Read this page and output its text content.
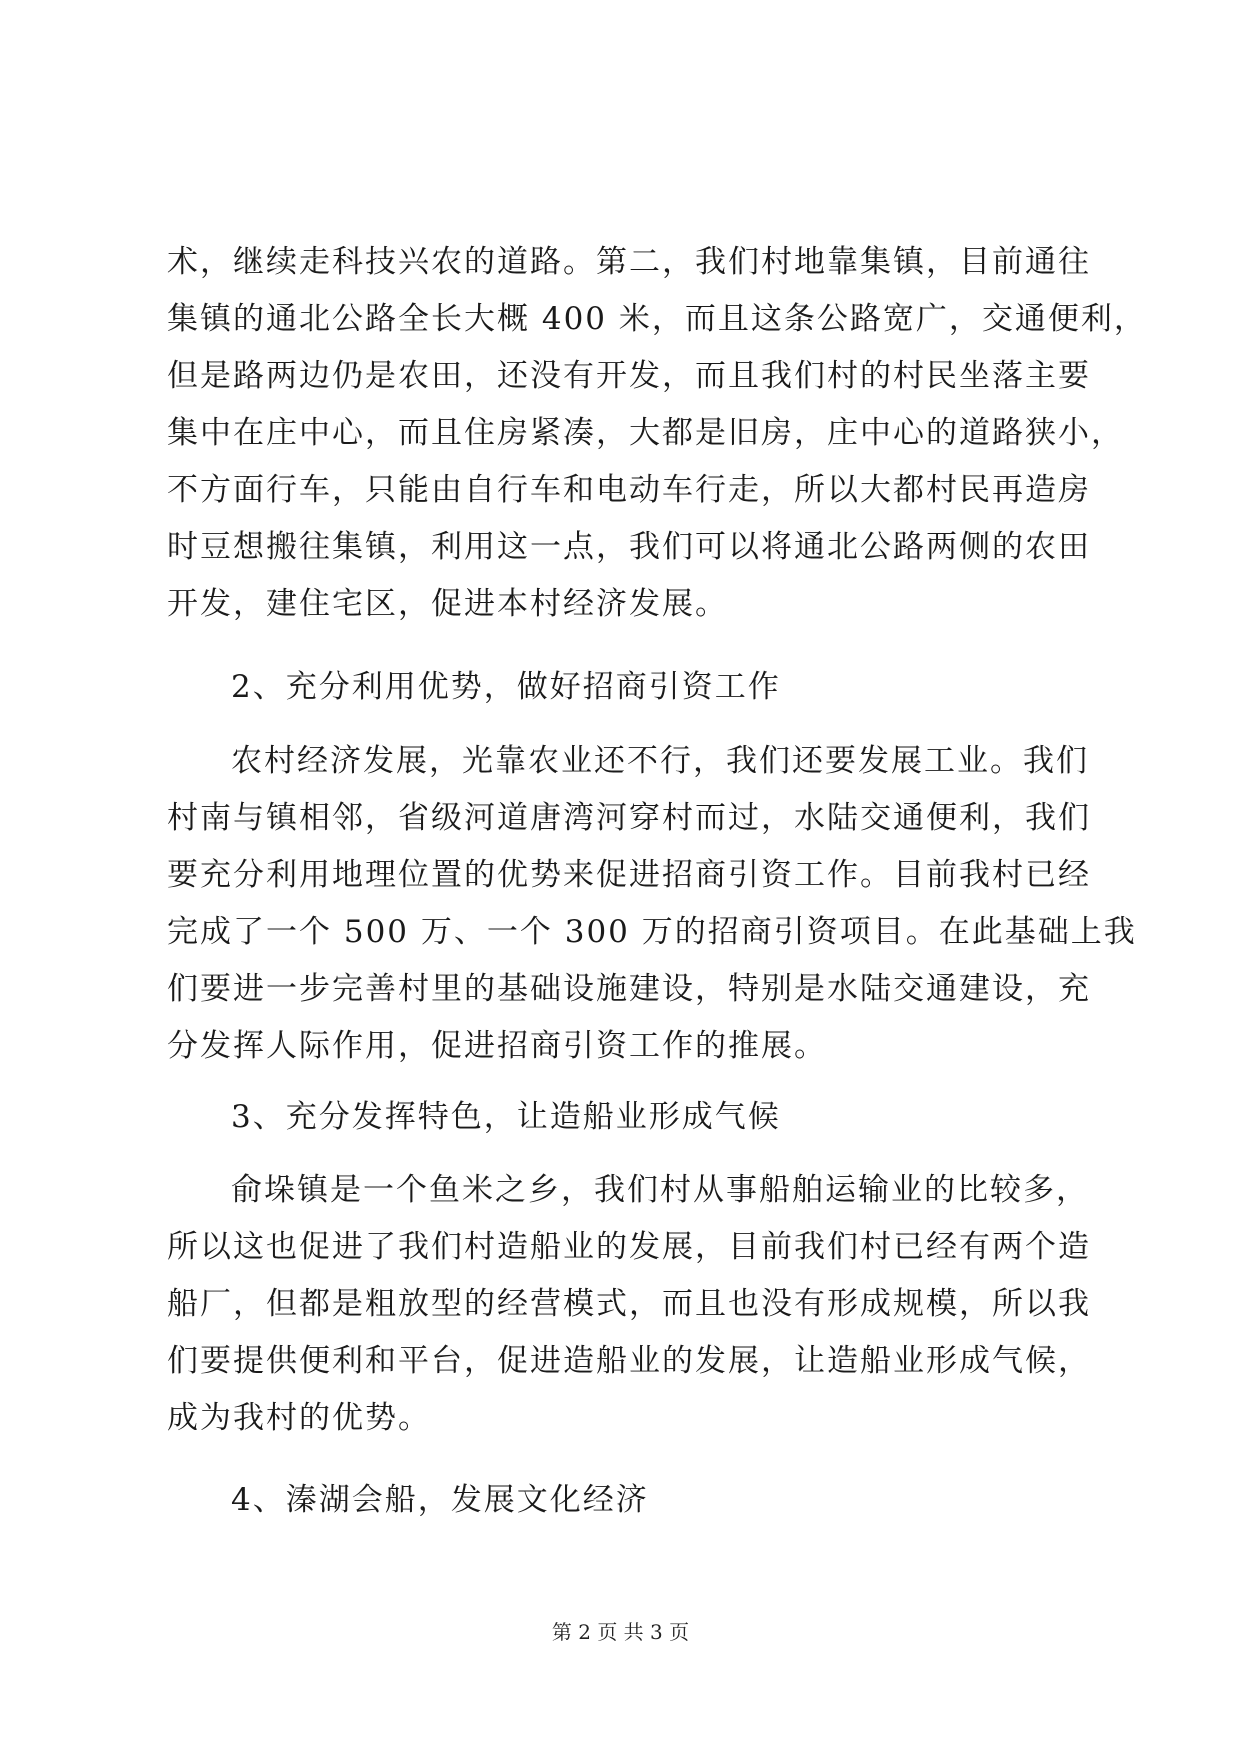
术，继续走科技兴农的道路。第二，我们村地靠集镇，目前通往
集镇的通北公路全长大概 400 米，而且这条公路宽广，交通便利，
但是路两边仍是农田，还没有开发，而且我们村的村民坐落主要
集中在庄中心，而且住房紧凑，大都是旧房，庄中心的道路狭小，
不方面行车，只能由自行车和电动车行走，所以大都村民再造房
时豆想搬往集镇，利用这一点，我们可以将通北公路两侧的农田
开发，建住宅区，促进本村经济发展。
2、充分利用优势，做好招商引资工作
农村经济发展，光靠农业还不行，我们还要发展工业。我们
村南与镇相邻，省级河道唐湾河穿村而过，水陆交通便利，我们
要充分利用地理位置的优势来促进招商引资工作。目前我村已经
完成了一个 500 万、一个 300 万的招商引资项目。在此基础上我
们要进一步完善村里的基础设施建设，特别是水陆交通建设，充
分发挥人际作用，促进招商引资工作的推展。
3、充分发挥特色，让造船业形成气候
俞垛镇是一个鱼米之乡，我们村从事船舶运输业的比较多，
所以这也促进了我们村造船业的发展，目前我们村已经有两个造
船厂，但都是粗放型的经营模式，而且也没有形成规模，所以我
们要提供便利和平台，促进造船业的发展，让造船业形成气候，
成为我村的优势。
4、溱湖会船，发展文化经济
第 2 页 共 3 页
